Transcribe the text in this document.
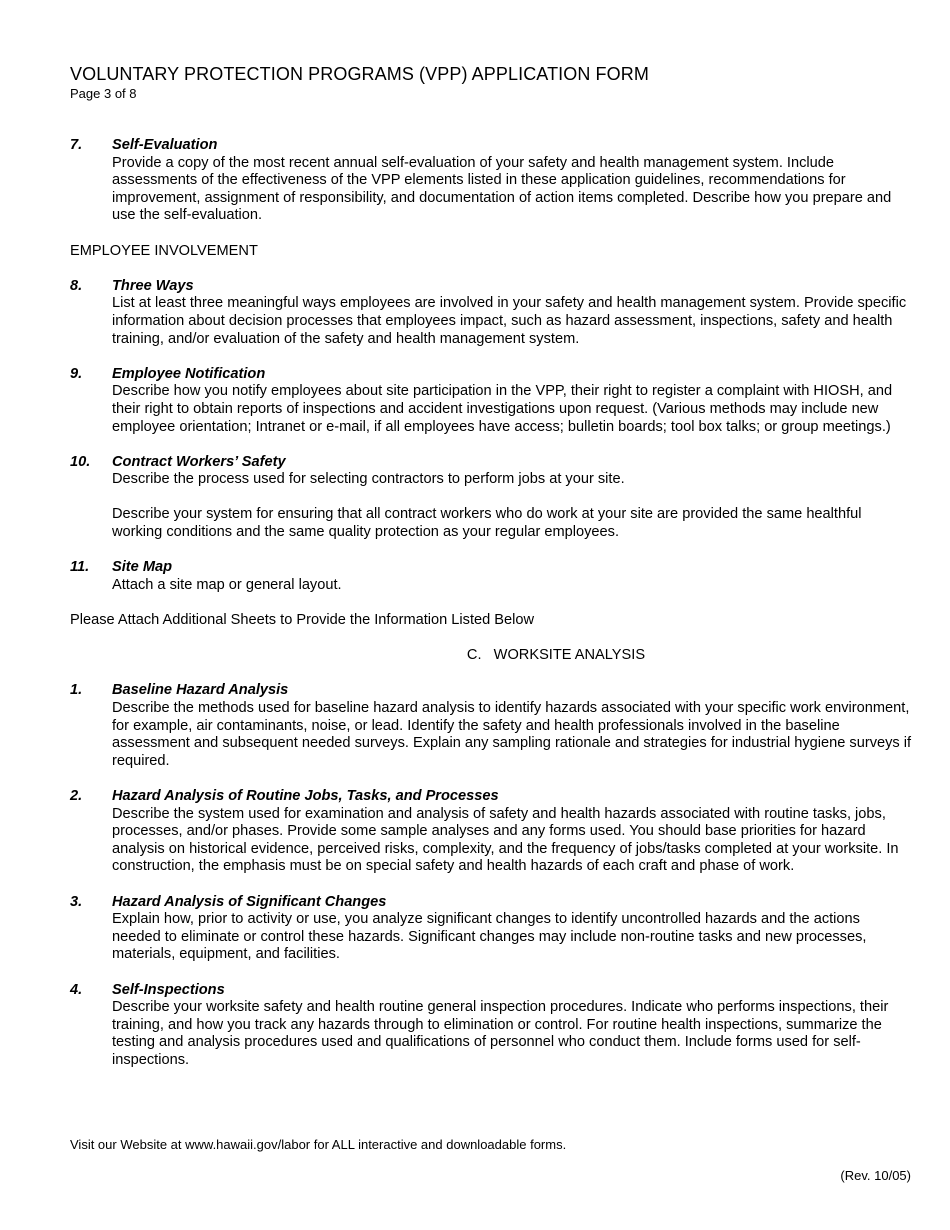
VOLUNTARY PROTECTION PROGRAMS (VPP) APPLICATION FORM
Page 3 of 8
7. Self-Evaluation
Provide a copy of the most recent annual self-evaluation of your safety and health management system. Include assessments of the effectiveness of the VPP elements listed in these application guidelines, recommendations for improvement, assignment of responsibility, and documentation of action items completed. Describe how you prepare and use the self-evaluation.
EMPLOYEE INVOLVEMENT
8. Three Ways
List at least three meaningful ways employees are involved in your safety and health management system. Provide specific information about decision processes that employees impact, such as hazard assessment, inspections, safety and health training, and/or evaluation of the safety and health management system.
9. Employee Notification
Describe how you notify employees about site participation in the VPP, their right to register a complaint with HIOSH, and their right to obtain reports of inspections and accident investigations upon request. (Various methods may include new employee orientation; Intranet or e-mail, if all employees have access; bulletin boards; tool box talks; or group meetings.)
10. Contract Workers’ Safety
Describe the process used for selecting contractors to perform jobs at your site.
Describe your system for ensuring that all contract workers who do work at your site are provided the same healthful working conditions and the same quality protection as your regular employees.
11. Site Map
Attach a site map or general layout.
Please Attach Additional Sheets to Provide the Information Listed Below
C.   WORKSITE ANALYSIS
1. Baseline Hazard Analysis
Describe the methods used for baseline hazard analysis to identify hazards associated with your specific work environment, for example, air contaminants, noise, or lead. Identify the safety and health professionals involved in the baseline assessment and subsequent needed surveys. Explain any sampling rationale and strategies for industrial hygiene surveys if required.
2. Hazard Analysis of Routine Jobs, Tasks, and Processes
Describe the system used for examination and analysis of safety and health hazards associated with routine tasks, jobs, processes, and/or phases. Provide some sample analyses and any forms used. You should base priorities for hazard analysis on historical evidence, perceived risks, complexity, and the frequency of jobs/tasks completed at your worksite. In construction, the emphasis must be on special safety and health hazards of each craft and phase of work.
3. Hazard Analysis of Significant Changes
Explain how, prior to activity or use, you analyze significant changes to identify uncontrolled hazards and the actions needed to eliminate or control these hazards. Significant changes may include non-routine tasks and new processes, materials, equipment, and facilities.
4. Self-Inspections
Describe your worksite safety and health routine general inspection procedures. Indicate who performs inspections, their training, and how you track any hazards through to elimination or control. For routine health inspections, summarize the testing and analysis procedures used and qualifications of personnel who conduct them. Include forms used for self-inspections.
Visit our Website at www.hawaii.gov/labor for ALL interactive and downloadable forms.
(Rev. 10/05)
